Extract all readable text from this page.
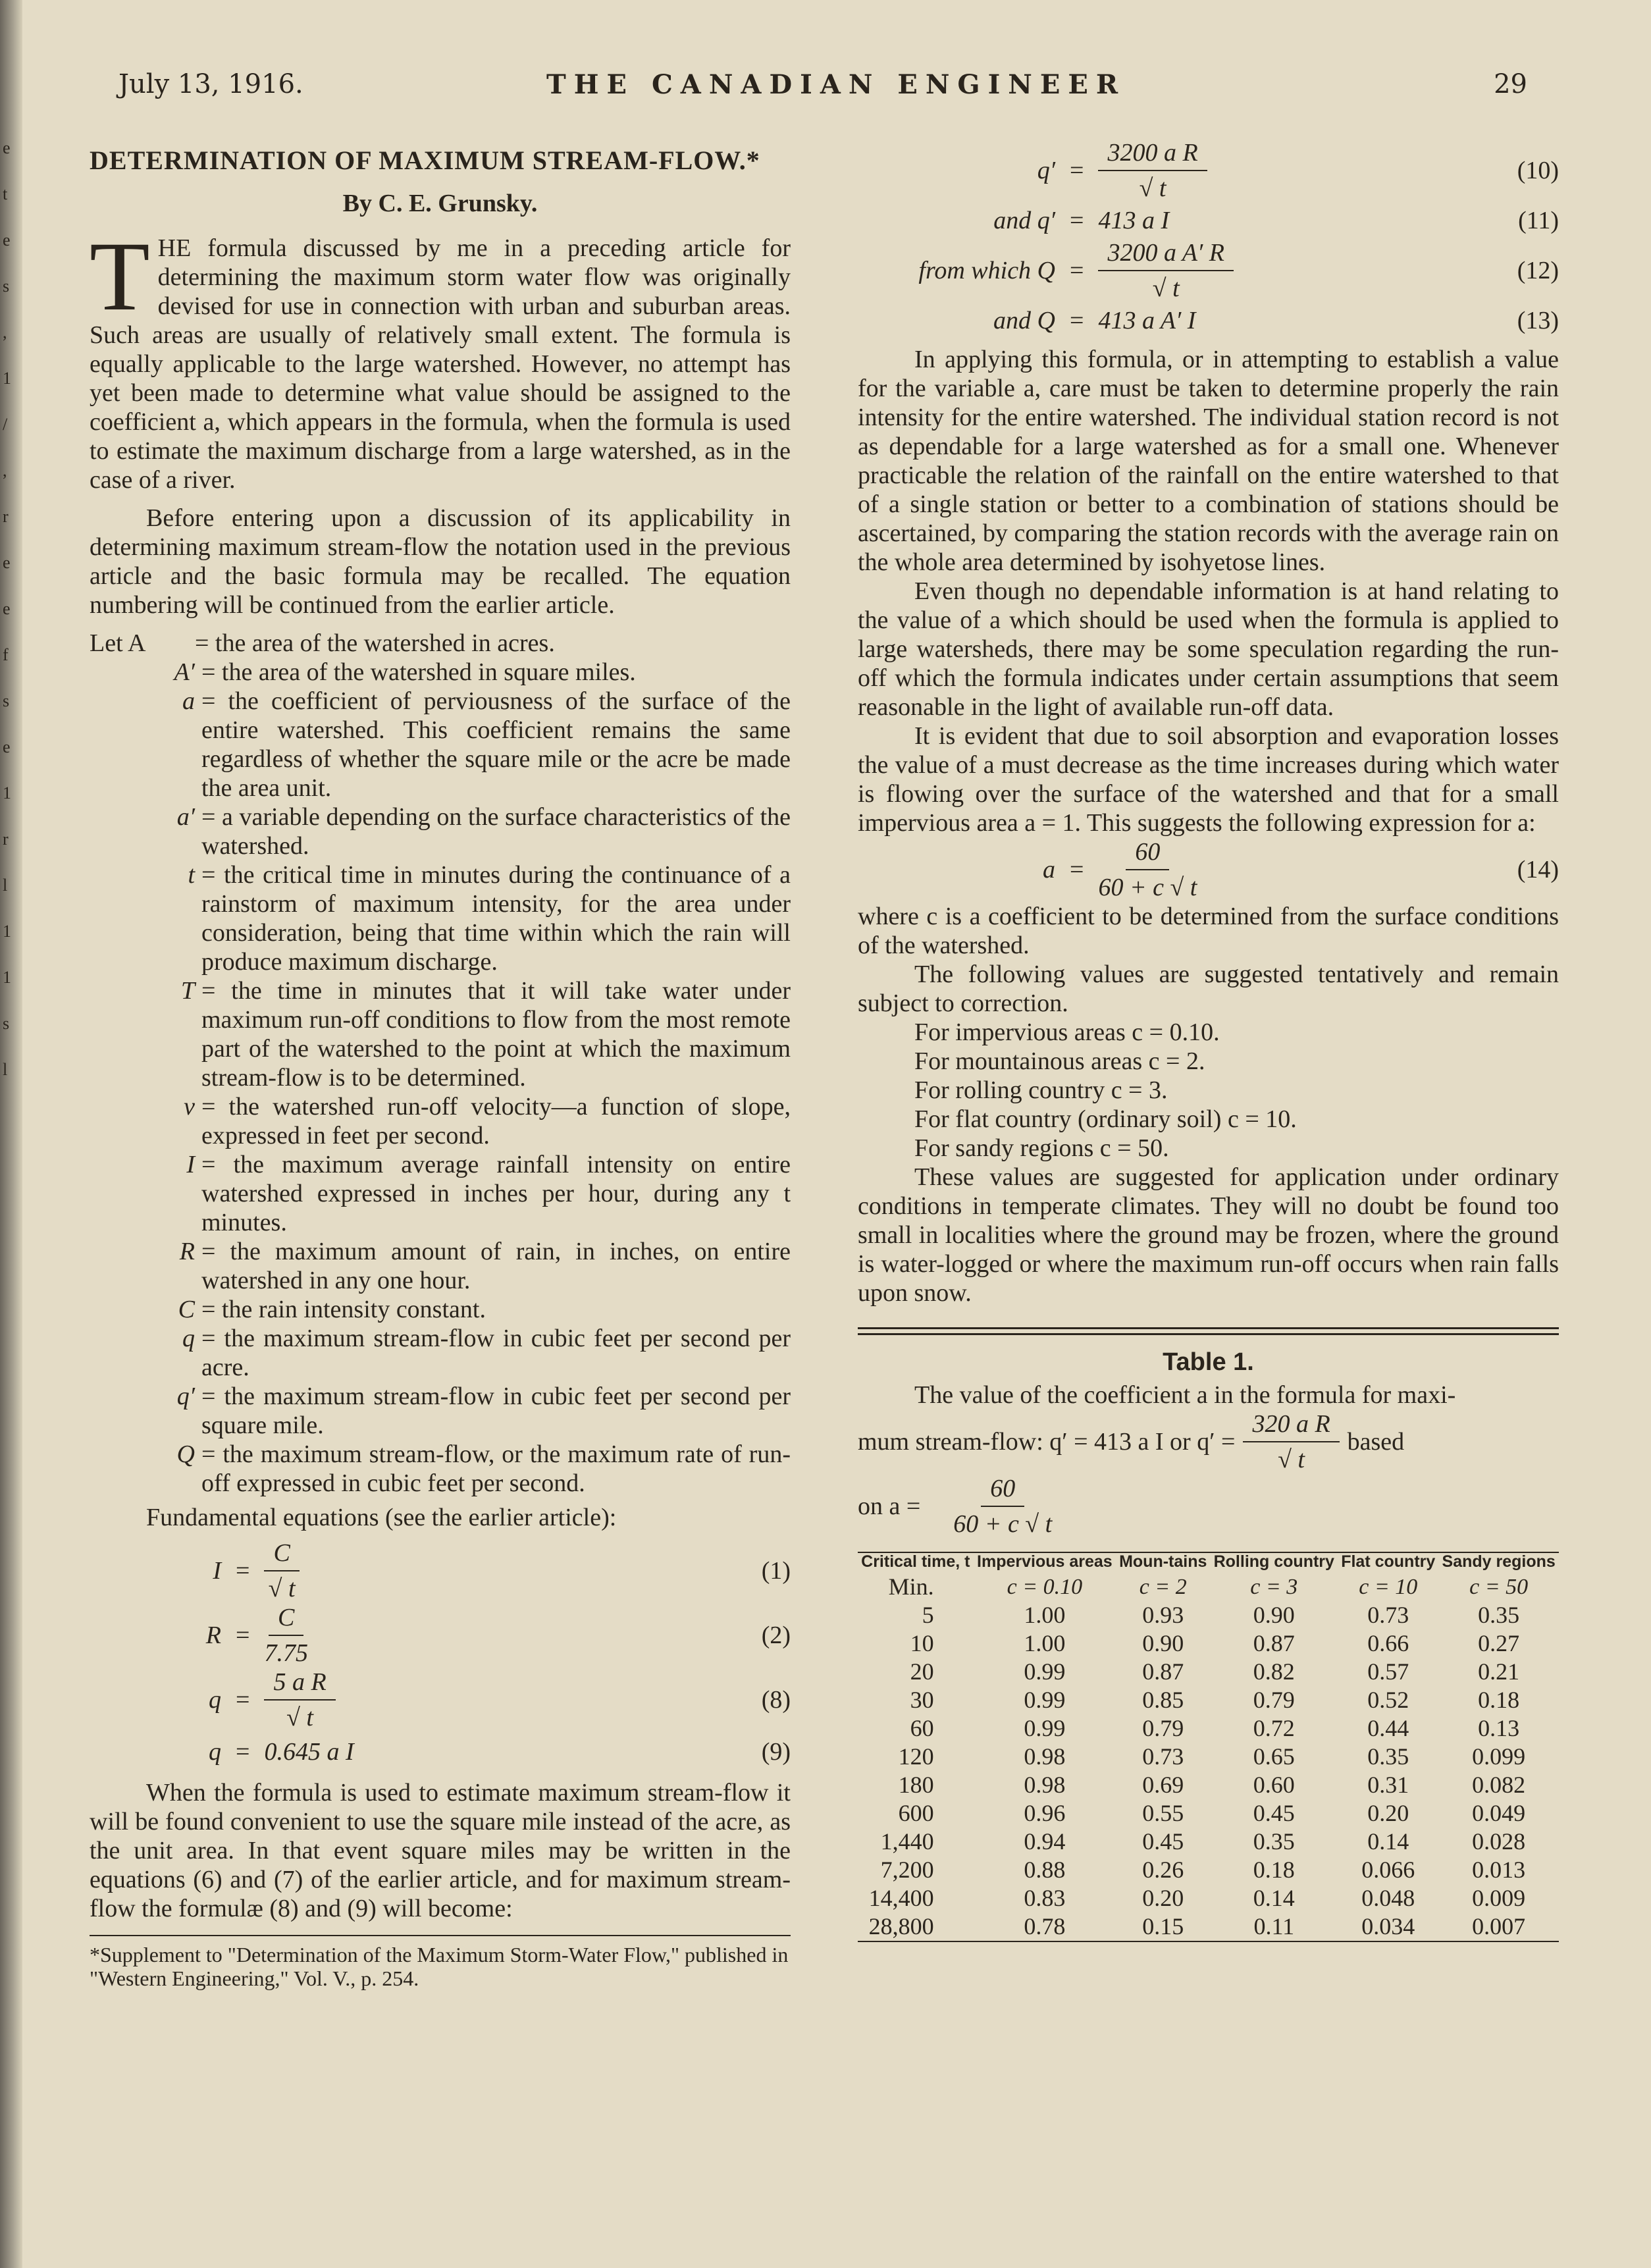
e
t
e
s
,
1
/
,
r
e
e
f
s
e
1
r
l
1
1
s
l
July 13, 1916.	THE CANADIAN ENGINEER	29
DETERMINATION OF MAXIMUM STREAM-FLOW.*
By C. E. Grunsky.

THE formula discussed by me in a preceding article for determining the maximum storm water flow was originally devised for use in connection with urban and suburban areas. Such areas are usually of relatively small extent. The formula is equally applicable to the large watershed. However, no attempt has yet been made to determine what value should be assigned to the coefficient a, which appears in the formula, when the formula is used to estimate the maximum discharge from a large watershed, as in the case of a river.

Before entering upon a discussion of its applicability in determining maximum stream-flow the notation used in the previous article and the basic formula may be recalled. The equation numbering will be continued from the earlier article.

Let A	= the area of the watershed in acres.
A′ = the area of the watershed in square miles.
a = the coefficient of perviousness of the surface of the entire watershed. This coefficient remains the same regardless of whether the square mile or the acre be made the area unit.
a′ = a variable depending on the surface characteristics of the watershed.
t = the critical time in minutes during the continuance of a rainstorm of maximum intensity, for the area under consideration, being that time within which the rain will produce maximum discharge.
T = the time in minutes that it will take water under maximum run-off conditions to flow from the most remote part of the watershed to the point at which the maximum stream-flow is to be determined.
v = the watershed run-off velocity—a function of slope, expressed in feet per second.
I = the maximum average rainfall intensity on entire watershed expressed in inches per hour, during any t minutes.
R = the maximum amount of rain, in inches, on entire watershed in any one hour.
C = the rain intensity constant.
q = the maximum stream-flow in cubic feet per second per acre.
q′ = the maximum stream-flow in cubic feet per second per square mile.
Q = the maximum stream-flow, or the maximum rate of run-off expressed in cubic feet per second.
Fundamental equations (see the earlier article):
$I = \frac{C}{√ t}$	(1)
$R = \frac{C}{7.75}$	(2)
$q = \frac{\text{5 a R}}{√ t}$	(8)
q = 0.645 a I	(9)

When the formula is used to estimate maximum stream-flow it will be found convenient to use the square mile instead of the acre, as the unit area. In that event square miles may be written in the equations (6) and (7) of the earlier article, and for maximum stream-flow the formulæ (8) and (9) will become:

*Supplement to "Determination of the Maximum Storm-Water Flow," published in "Western Engineering," Vol. V., p. 254.
$q' = \frac{\text{3200 a R}}{√ t}$	(10)
and q′ = 413 a I	(11)
from which $Q = \frac{\text{3200 a A′ R}}{√ t}$	(12)
and Q = 413 a A′ I	(13)

In applying this formula, or in attempting to establish a value for the variable a, care must be taken to determine properly the rain intensity for the entire watershed. The individual station record is not as dependable for a large watershed as for a small one. Whenever practicable the relation of the rainfall on the entire watershed to that of a single station or better to a combination of stations should be ascertained, by comparing the station records with the average rain on the whole area determined by isohyetose lines.

Even though no dependable information is at hand relating to the value of a which should be used when the formula is applied to large watersheds, there may be some speculation regarding the run-off which the formula indicates under certain assumptions that seem reasonable in the light of available run-off data.

It is evident that due to soil absorption and evaporation losses the value of a must decrease as the time increases during which water is flowing over the surface of the watershed and that for a small impervious area a = 1. This suggests the following expression for a:

$a = \frac{60}{60 + c √ t}$	(14)

where c is a coefficient to be determined from the surface conditions of the watershed.

The following values are suggested tentatively and remain subject to correction.

For impervious areas c = 0.10.
For mountainous areas c = 2.
For rolling country c = 3.
For flat country (ordinary soil) c = 10.
For sandy regions c = 50.

These values are suggested for application under ordinary conditions in temperate climates. They will no doubt be found too small in localities where the ground may be frozen, where the ground is water-logged or where the maximum run-off occurs when rain falls upon snow.

Table 1.

The value of the coefficient a in the formula for maxi-

mum stream-flow: q′ = 413 a I or $q' = \frac{\text{320 a R}}{√ t}$ based
on a =	$\frac{60}{60 + c √ t}$
Critical time, t	Impervious areas	Moun-tains	Rolling country	Flat country	Sandy regions
Min.	c = 0.10	c = 2	c = 3	c = 10	c = 50
5	1.00	0.93	0.90	0.73	0.35
10	1.00	0.90	0.87	0.66	0.27
20	0.99	0.87	0.82	0.57	0.21
30	0.99	0.85	0.79	0.52	0.18
60	0.99	0.79	0.72	0.44	0.13
120	0.98	0.73	0.65	0.35	0.099
180	0.98	0.69	0.60	0.31	0.082
600	0.96	0.55	0.45	0.20	0.049
1,440	0.94	0.45	0.35	0.14	0.028
7,200	0.88	0.26	0.18	0.066	0.013
14,400	0.83	0.20	0.14	0.048	0.009
28,800	0.78	0.15	0.11	0.034	0.007
